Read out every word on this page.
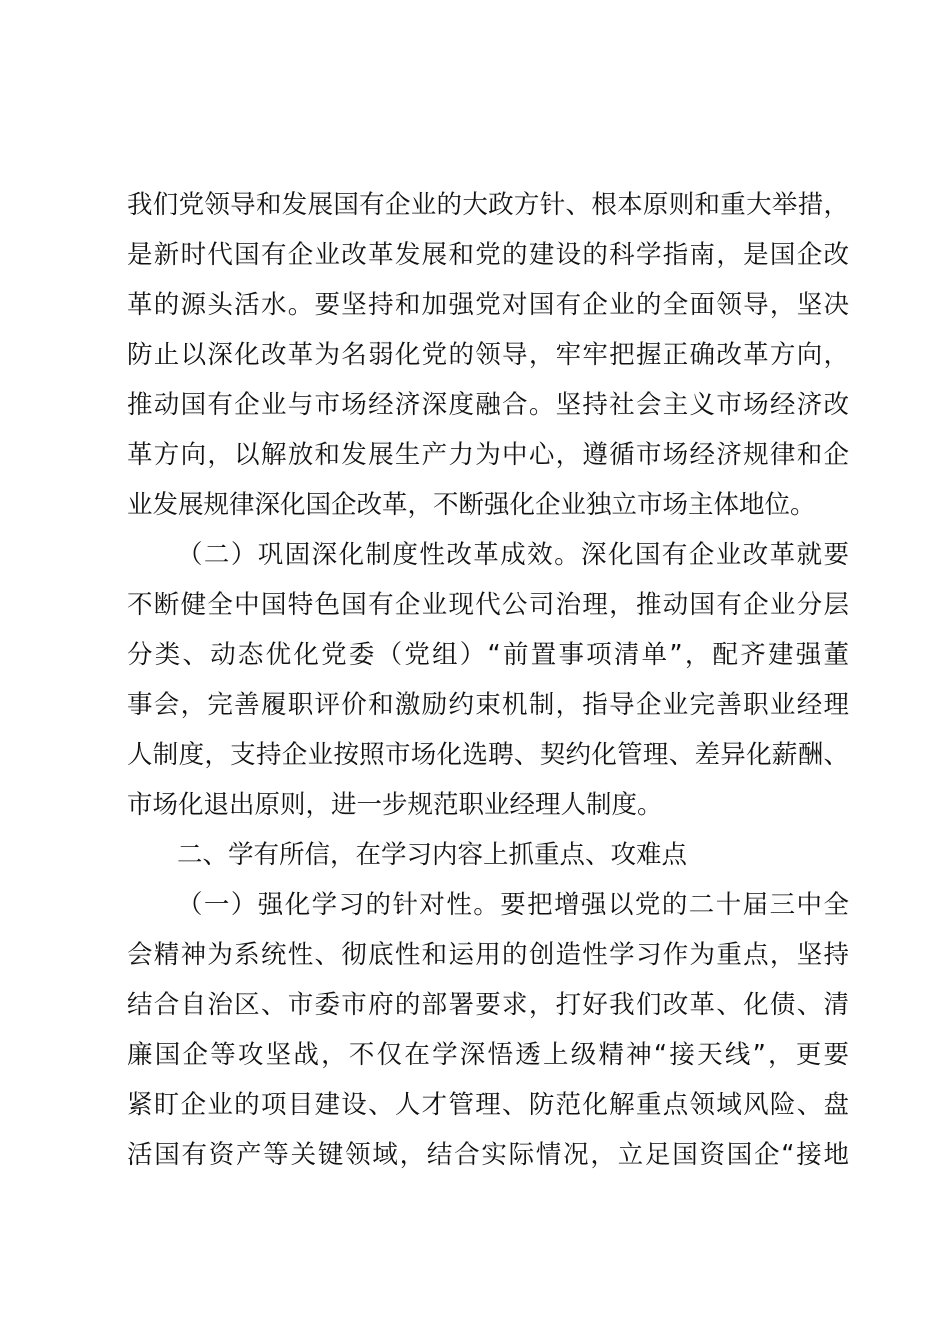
我们党领导和发展国有企业的大政方针、根本原则和重大举措，
是新时代国有企业改革发展和党的建设的科学指南，是国企改
革的源头活水。要坚持和加强党对国有企业的全面领导，坚决
防止以深化改革为名弱化党的领导，牢牢把握正确改革方向，
推动国有企业与市场经济深度融合。坚持社会主义市场经济改
革方向，以解放和发展生产力为中心，遵循市场经济规律和企
业发展规律深化国企改革，不断强化企业独立市场主体地位。
（二）巩固深化制度性改革成效。深化国有企业改革就要
不断健全中国特色国有企业现代公司治理，推动国有企业分层
分类、动态优化党委（党组）“前置事项清单”，配齐建强董
事会，完善履职评价和激励约束机制，指导企业完善职业经理
人制度，支持企业按照市场化选聘、契约化管理、差异化薪酬、
市场化退出原则，进一步规范职业经理人制度。
二、学有所信，在学习内容上抓重点、攻难点
（一）强化学习的针对性。要把增强以党的二十届三中全
会精神为系统性、彻底性和运用的创造性学习作为重点，坚持
结合自治区、市委市府的部署要求，打好我们改革、化债、清
廉国企等攻坚战，不仅在学深悟透上级精神“接天线”，更要
紧盯企业的项目建设、人才管理、防范化解重点领域风险、盘
活国有资产等关键领域，结合实际情况，立足国资国企“接地
